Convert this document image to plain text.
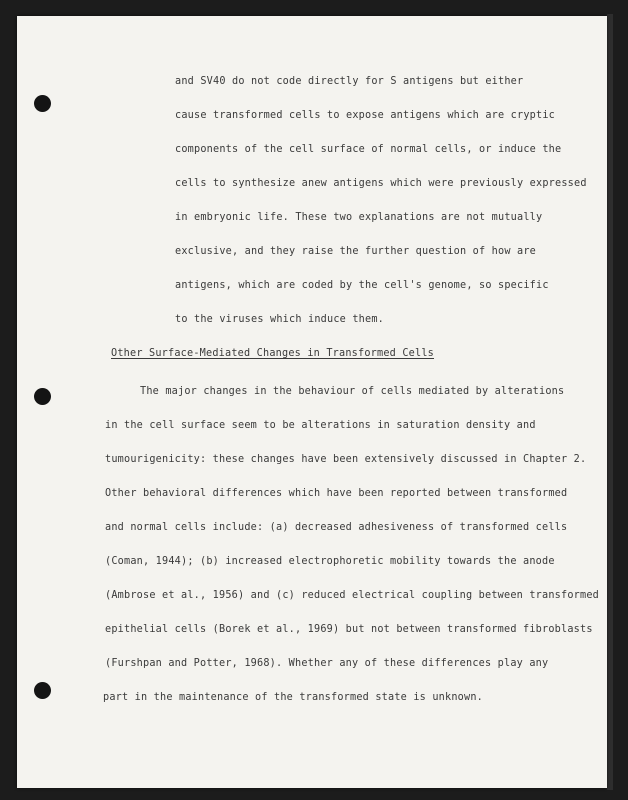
and SV40 do not code directly for S antigens but either
cause transformed cells to expose antigens which are cryptic
components of the cell surface of normal cells, or induce the
cells to synthesize anew antigens which were previously expressed
in embryonic life. These two explanations are not mutually
exclusive, and they raise the further question of how are
antigens, which are coded by the cell's genome, so specific
to the viruses which induce them.
Other Surface-Mediated Changes in Transformed Cells
The major changes in the behaviour of cells mediated by alterations
in the cell surface seem to be alterations in saturation density and
tumourigenicity: these changes have been extensively discussed in Chapter 2.
Other behavioral differences which have been reported between transformed
and normal cells include: (a) decreased adhesiveness of transformed cells
(Coman, 1944); (b) increased electrophoretic mobility towards the anode
(Ambrose et al., 1956) and (c) reduced electrical coupling between transformed
epithelial cells (Borek et al., 1969) but not between transformed fibroblasts
(Furshpan and Potter, 1968). Whether any of these differences play any
part in the maintenance of the transformed state is unknown.
